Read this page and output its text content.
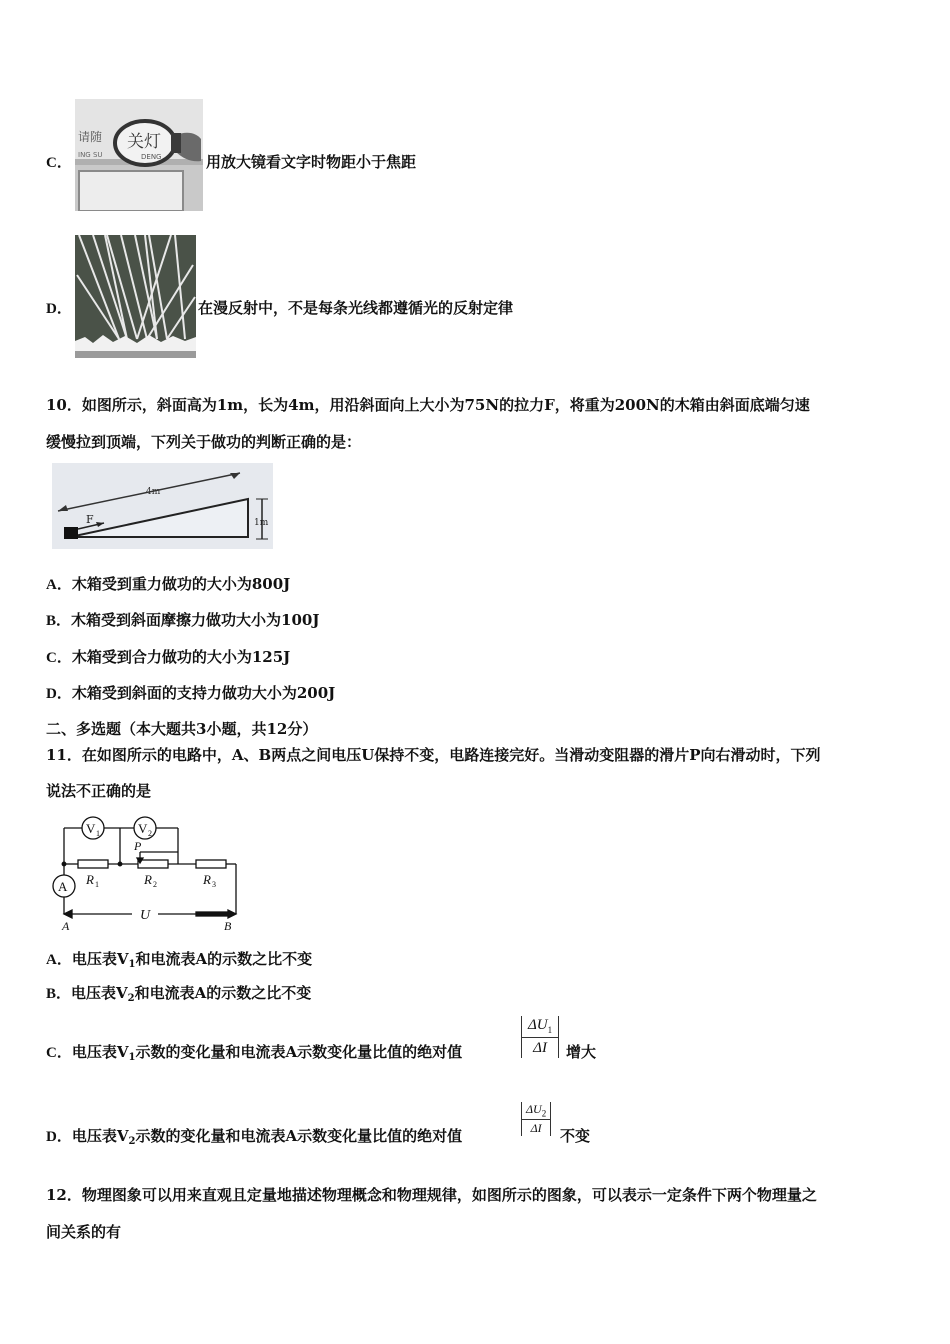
C．
请随
ING SU
关灯
DENG	用放大镜看文字时物距小于焦距
D．	在漫反射中，不是每条光线都遵循光的反射定律
10．如图所示，斜面高为1m，长为4m，用沿斜面向上大小为75N的拉力F，将重为200N的木箱由斜面底端匀速
缓慢拉到顶端，下列关于做功的判断正确的是：
4m
F	1m
A．木箱受到重力做功的大小为800J
B．木箱受到斜面摩擦力做功大小为100J
C．木箱受到合力做功的大小为125J
D．木箱受到斜面的支持力做功大小为200J
二、多选题（本大题共3小题，共12分）
11．在如图所示的电路中，A、B两点之间电压U保持不变，电路连接完好。当滑动变阻器的滑片P向右滑动时，下列
说法不正确的是
V 1	V 2
P
R 1	R 2	R 3
A
U
A	B
A．电压表$V_1$和电流表A的示数之比不变
B．电压表$V_2$和电流表A的示数之比不变
C．电压表$V_1$示数的变化量和电流表A示数变化量比值的绝对值	$\frac{\Delta U_1}{\Delta I}$ 增大
D．电压表$V_2$示数的变化量和电流表A示数变化量比值的绝对值	$\frac{\Delta U_2}{\Delta I}$ 不变
12．物理图象可以用来直观且定量地描述物理概念和物理规律，如图所示的图象，可以表示一定条件下两个物理量之
间关系的有
